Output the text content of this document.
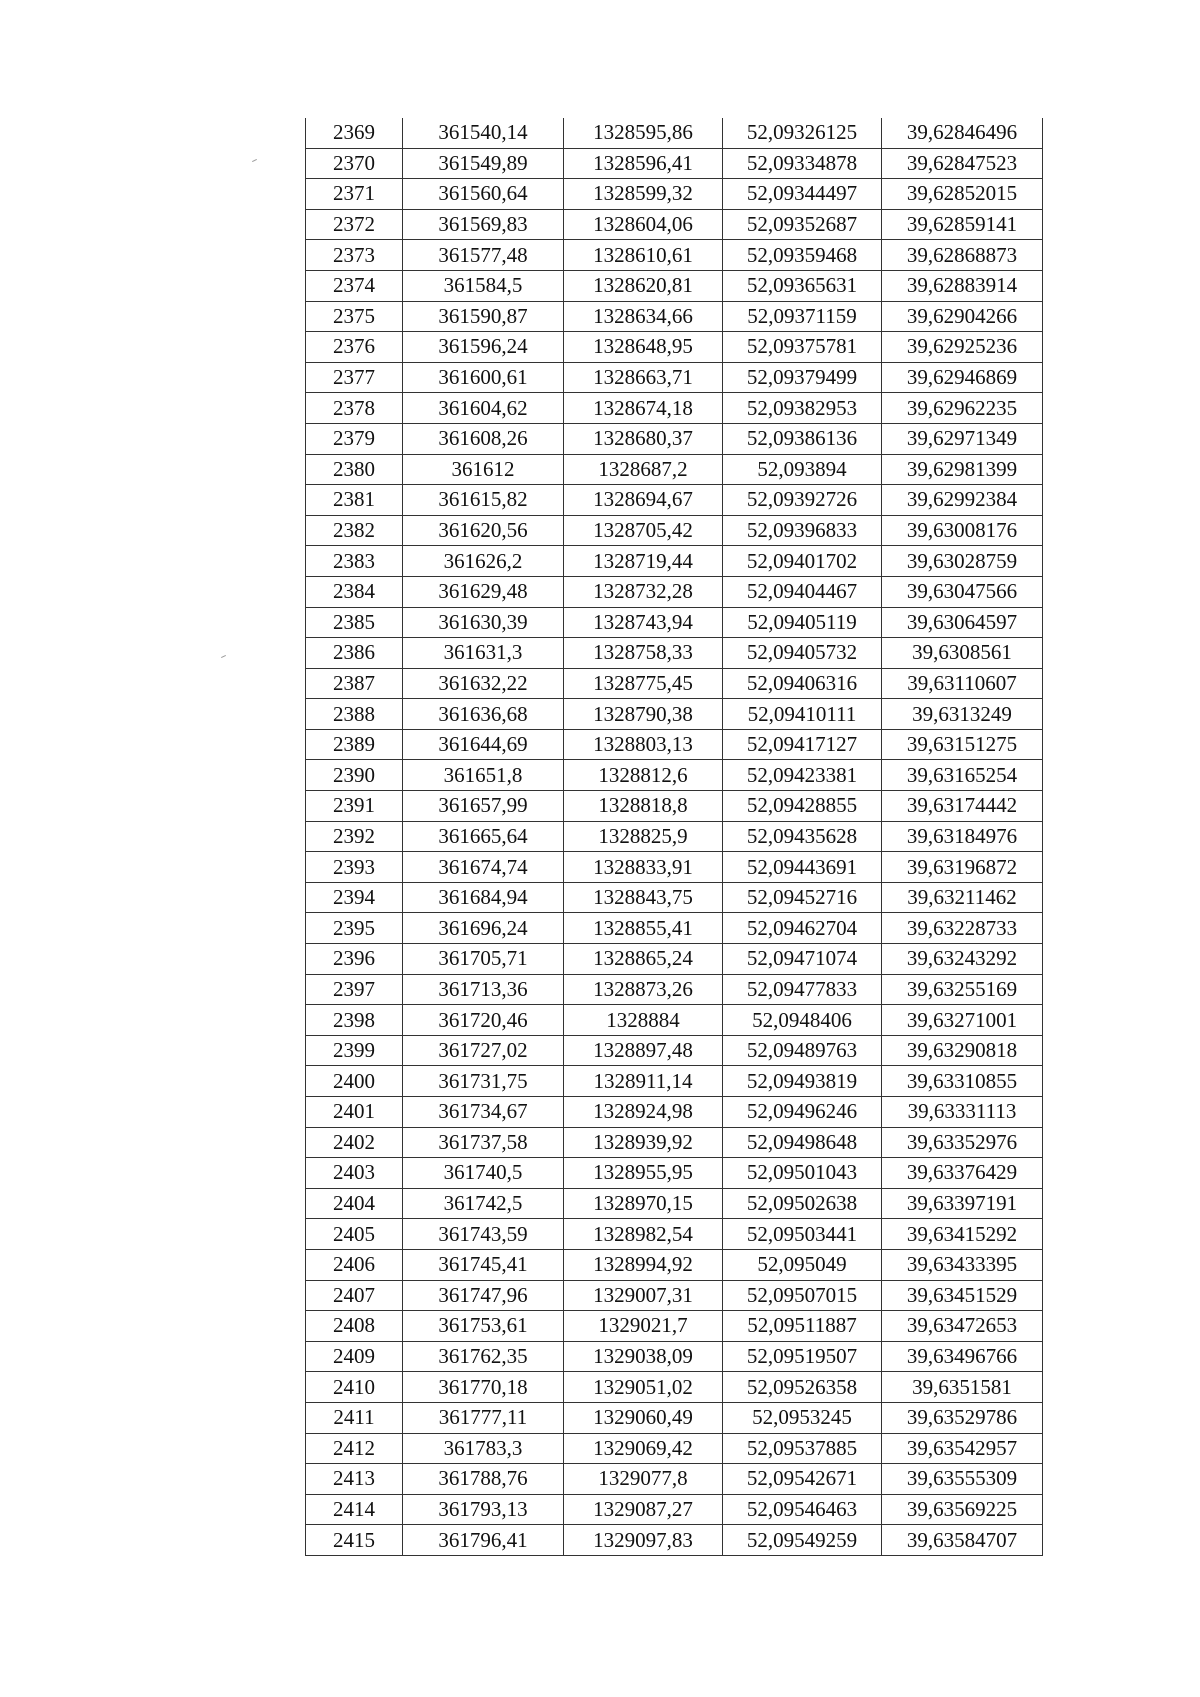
2369	361540,14	1328595,86	52,09326125	39,62846496
2370	361549,89	1328596,41	52,09334878	39,62847523
2371	361560,64	1328599,32	52,09344497	39,62852015
2372	361569,83	1328604,06	52,09352687	39,62859141
2373	361577,48	1328610,61	52,09359468	39,62868873
2374	361584,5	1328620,81	52,09365631	39,62883914
2375	361590,87	1328634,66	52,09371159	39,62904266
2376	361596,24	1328648,95	52,09375781	39,62925236
2377	361600,61	1328663,71	52,09379499	39,62946869
2378	361604,62	1328674,18	52,09382953	39,62962235
2379	361608,26	1328680,37	52,09386136	39,62971349
2380	361612	1328687,2	52,093894	39,62981399
2381	361615,82	1328694,67	52,09392726	39,62992384
2382	361620,56	1328705,42	52,09396833	39,63008176
2383	361626,2	1328719,44	52,09401702	39,63028759
2384	361629,48	1328732,28	52,09404467	39,63047566
2385	361630,39	1328743,94	52,09405119	39,63064597
2386	361631,3	1328758,33	52,09405732	39,6308561
2387	361632,22	1328775,45	52,09406316	39,63110607
2388	361636,68	1328790,38	52,09410111	39,6313249
2389	361644,69	1328803,13	52,09417127	39,63151275
2390	361651,8	1328812,6	52,09423381	39,63165254
2391	361657,99	1328818,8	52,09428855	39,63174442
2392	361665,64	1328825,9	52,09435628	39,63184976
2393	361674,74	1328833,91	52,09443691	39,63196872
2394	361684,94	1328843,75	52,09452716	39,63211462
2395	361696,24	1328855,41	52,09462704	39,63228733
2396	361705,71	1328865,24	52,09471074	39,63243292
2397	361713,36	1328873,26	52,09477833	39,63255169
2398	361720,46	1328884	52,0948406	39,63271001
2399	361727,02	1328897,48	52,09489763	39,63290818
2400	361731,75	1328911,14	52,09493819	39,63310855
2401	361734,67	1328924,98	52,09496246	39,63331113
2402	361737,58	1328939,92	52,09498648	39,63352976
2403	361740,5	1328955,95	52,09501043	39,63376429
2404	361742,5	1328970,15	52,09502638	39,63397191
2405	361743,59	1328982,54	52,09503441	39,63415292
2406	361745,41	1328994,92	52,095049	39,63433395
2407	361747,96	1329007,31	52,09507015	39,63451529
2408	361753,61	1329021,7	52,09511887	39,63472653
2409	361762,35	1329038,09	52,09519507	39,63496766
2410	361770,18	1329051,02	52,09526358	39,6351581
2411	361777,11	1329060,49	52,0953245	39,63529786
2412	361783,3	1329069,42	52,09537885	39,63542957
2413	361788,76	1329077,8	52,09542671	39,63555309
2414	361793,13	1329087,27	52,09546463	39,63569225
2415	361796,41	1329097,83	52,09549259	39,63584707
